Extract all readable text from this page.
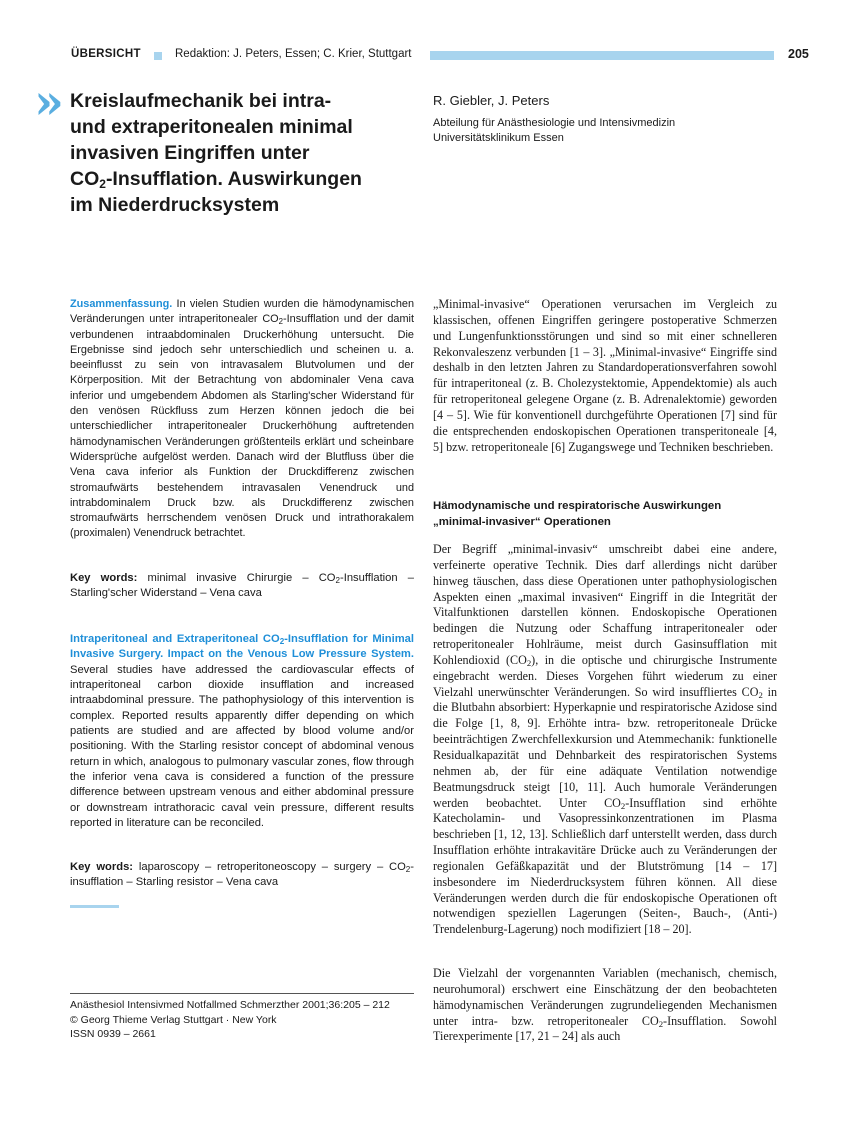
ÜBERSICHT	Redaktion: J. Peters, Essen; C. Krier, Stuttgart	205
» Kreislaufmechanik bei intra-
und extraperitonealen minimal
invasiven Eingriffen unter
$CO_2$-Insufflation. Auswirkungen
im Niederdrucksystem
R. Giebler, J. Peters
Abteilung für Anästhesiologie und Intensivmedizin
Universitätsklinikum Essen

Zusammenfassung. In vielen Studien wurden die hämodynamischen Veränderungen unter intraperitonealer $CO_2$-Insufflation und der damit verbundenen intraabdominalen Druckerhöhung untersucht. Die Ergebnisse sind jedoch sehr unterschiedlich und scheinen u. a. beeinflusst zu sein von intravasalem Blutvolumen und der Körperposition. Mit der Betrachtung von abdominaler Vena cava inferior und umgebendem Abdomen als Starling'scher Widerstand für den venösen Rückfluss zum Herzen können jedoch die bei unterschiedlicher intraperitonealer Druckerhöhung auftretenden hämodynamischen Veränderungen größtenteils erklärt und scheinbare Widersprüche aufgelöst werden. Danach wird der Blutfluss über die Vena cava inferior als Funktion der Druckdifferenz zwischen stromaufwärts bestehendem intravasalen Venendruck und intrabdominalem Druck bzw. als Druckdifferenz zwischen stromaufwärts herrschendem venösen Druck und intrathorakalem (proximalen) Venendruck betrachtet.

Key words: minimal invasive Chirurgie – $CO_2$-Insufflation – Starling'scher Widerstand – Vena cava

Intraperitoneal and Extraperitoneal $CO_2$-Insufflation for Minimal Invasive Surgery. Impact on the Venous Low Pressure System. Several studies have addressed the cardiovascular effects of intraperitoneal carbon dioxide insufflation and increased intraabdominal pressure. The pathophysiology of this intervention is complex. Reported results apparently differ depending on which patients are studied and are affected by blood volume and/or positioning. With the Starling resistor concept of abdominal venous return in which, analogous to pulmonary vascular zones, flow through the inferior vena cava is considered a function of the pressure difference between upstream venous and either abdominal pressure or downstream intrathoracic caval vein pressure, different results reported in literature can be reconciled.

Key words: laparoscopy – retroperitoneoscopy – surgery – $CO_2$-insufflation – Starling resistor – Vena cava

Anästhesiol Intensivmed Notfallmed Schmerzther 2001;36:205 – 212
© Georg Thieme Verlag Stuttgart · New York
ISSN 0939 – 2661

„Minimal-invasive“ Operationen verursachen im Vergleich zu klassischen, offenen Eingriffen geringere postoperative Schmerzen und Lungenfunktionsstörungen und sind so mit einer schnelleren Rekonvaleszenz verbunden [1 – 3]. „Minimal-invasive“ Eingriffe sind deshalb in den letzten Jahren zu Standardoperationsverfahren sowohl für intraperitoneal (z. B. Cholezystektomie, Appendektomie) als auch für retroperitoneal gelegene Organe (z. B. Adrenalektomie) geworden [4 – 5]. Wie für konventionell durchgeführte Operationen [7] sind für die entsprechenden endoskopischen Operationen transperitoneale [4, 5] bzw. retroperitoneale [6] Zugangswege und Techniken beschrieben.

Hämodynamische und respiratorische Auswirkungen
„minimal-invasiver“ Operationen

Der Begriff „minimal-invasiv“ umschreibt dabei eine andere, verfeinerte operative Technik. Dies darf allerdings nicht darüber hinweg täuschen, dass diese Operationen unter pathophysiologischen Aspekten einen „maximal invasiven“ Eingriff in die Integrität der Vitalfunktionen darstellen können. Endoskopische Operationen bedingen die Nutzung oder Schaffung intraperitonealer oder retroperitonealer Hohlräume, meist durch Gasinsufflation mit Kohlendioxid $(CO_2)$, in die optische und chirurgische Instrumente eingebracht werden. Dieses Vorgehen führt wiederum zu einer Vielzahl unerwünschter Veränderungen. So wird insuffliertes $CO_2$ in die Blutbahn absorbiert: Hyperkapnie und respiratorische Azidose sind die Folge [1, 8, 9]. Erhöhte intra- bzw. retroperitoneale Drücke beeinträchtigen Zwerchfellexkursion und Atemmechanik: funktionelle Residualkapazität und Dehnbarkeit des respiratorischen Systems nehmen ab, der für eine adäquate Ventilation notwendige Beatmungsdruck steigt [10, 11]. Auch humorale Veränderungen werden beobachtet. Unter $CO_2$-Insufflation sind erhöhte Katecholamin- und Vasopressinkonzentrationen im Plasma beschrieben [1, 12, 13]. Schließlich darf unterstellt werden, dass durch Insufflation erhöhte intrakavitäre Drücke auch zu Veränderungen der regionalen Gefäßkapazität und der Blutströmung [14 – 17] insbesondere im Niederdrucksystem führen können. All diese Veränderungen werden durch die für endoskopische Operationen oft notwendigen speziellen Lagerungen (Seiten-, Bauch-, (Anti-) Trendelenburg-Lagerung) noch modifiziert [18 – 20].

Die Vielzahl der vorgenannten Variablen (mechanisch, chemisch, neurohumoral) erschwert eine Einschätzung der den beobachteten hämodynamischen Veränderungen zugrundeliegenden Mechanismen unter intra- bzw. retroperitonealer $CO_2$-Insufflation. Sowohl Tierexperimente [17, 21 – 24] als auch
